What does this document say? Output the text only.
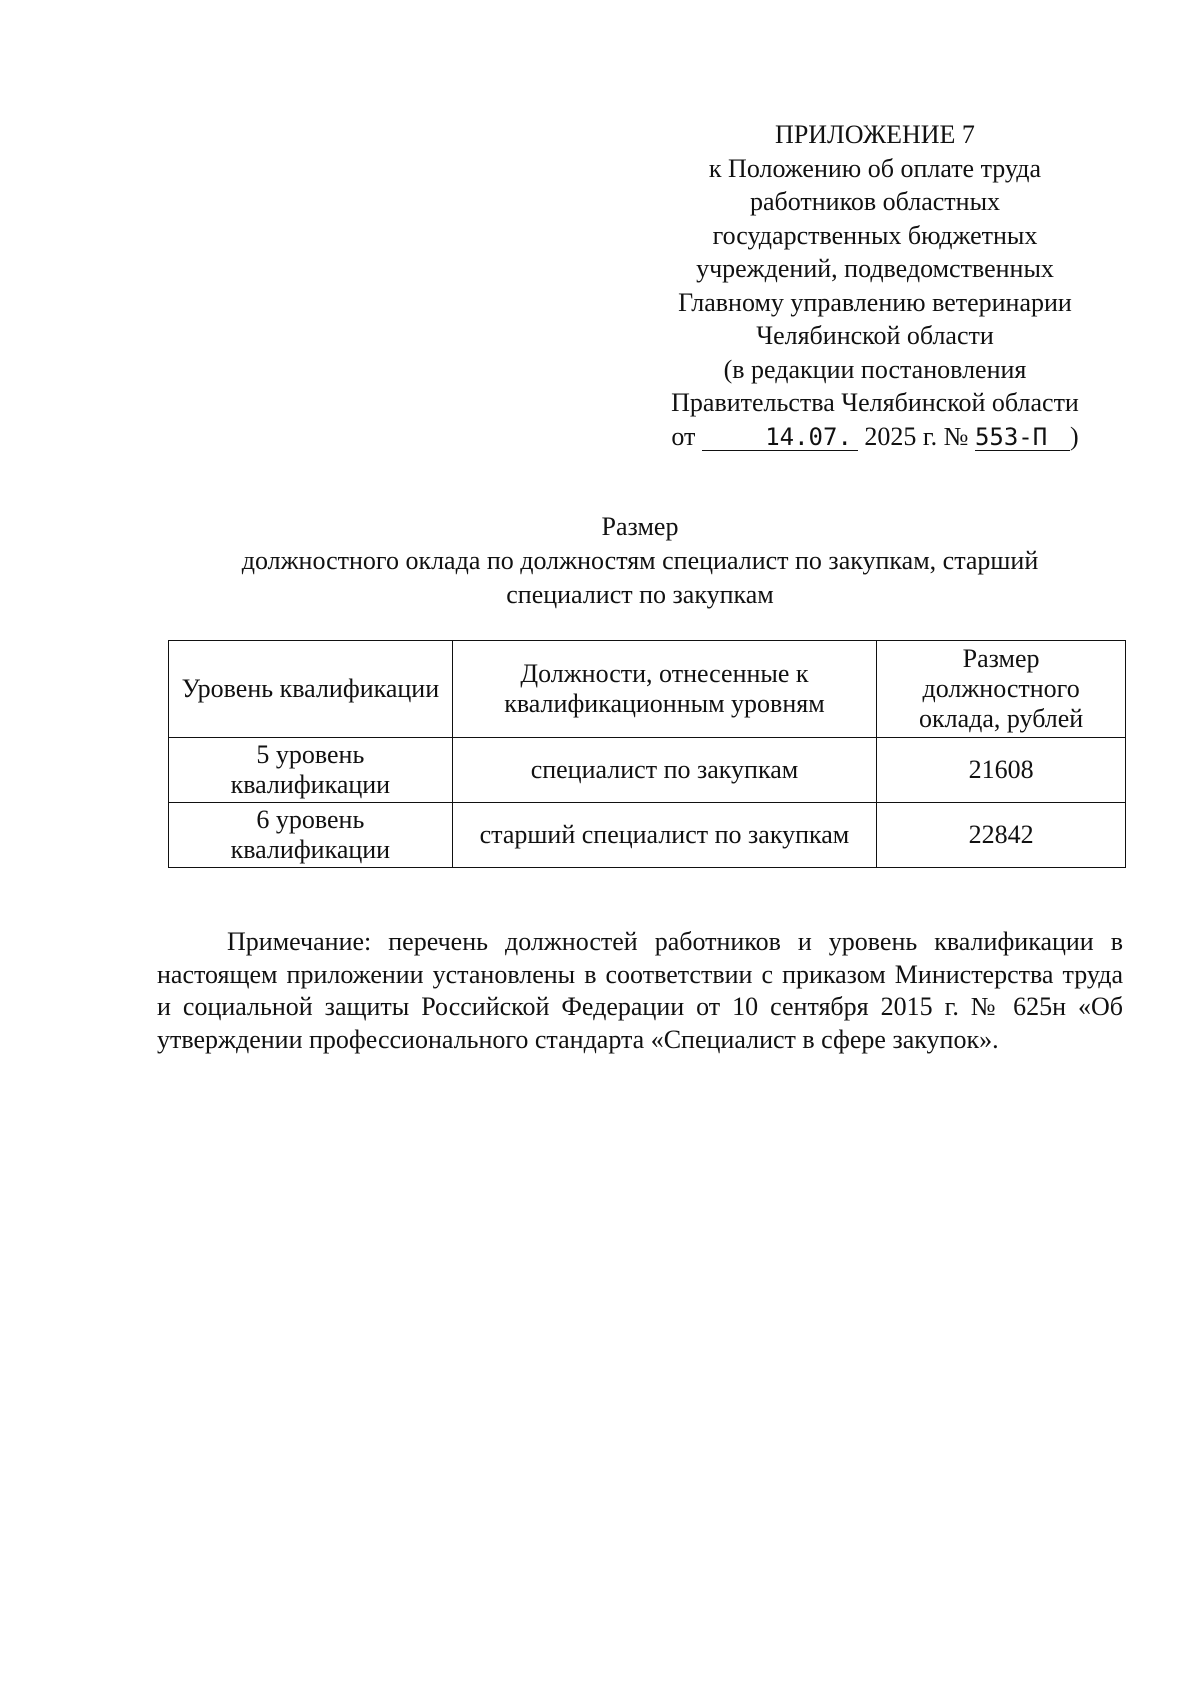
ПРИЛОЖЕНИЕ 7
к Положению об оплате труда
работников областных
государственных бюджетных
учреждений, подведомственных
Главному управлению ветеринарии
Челябинской области
(в редакции постановления
Правительства Челябинской области
от	14.07. 2025 г. № 553-П )
Размер
должностного оклада по должностям специалист по закупкам, старший
специалист по закупкам
Уровень квалификации	Должности, отнесенные к квалификационным уровням	Размер должностного оклада, рублей
5 уровень квалификации	специалист по закупкам	21608
6 уровень квалификации	старший специалист по закупкам	22842

Примечание: перечень должностей работников и уровень квалификации в настоящем приложении установлены в соответствии с приказом Министерства труда и социальной защиты Российской Федерации от 10 сентября 2015 г. № 625н «Об утверждении профессионального стандарта «Специалист в сфере закупок».
